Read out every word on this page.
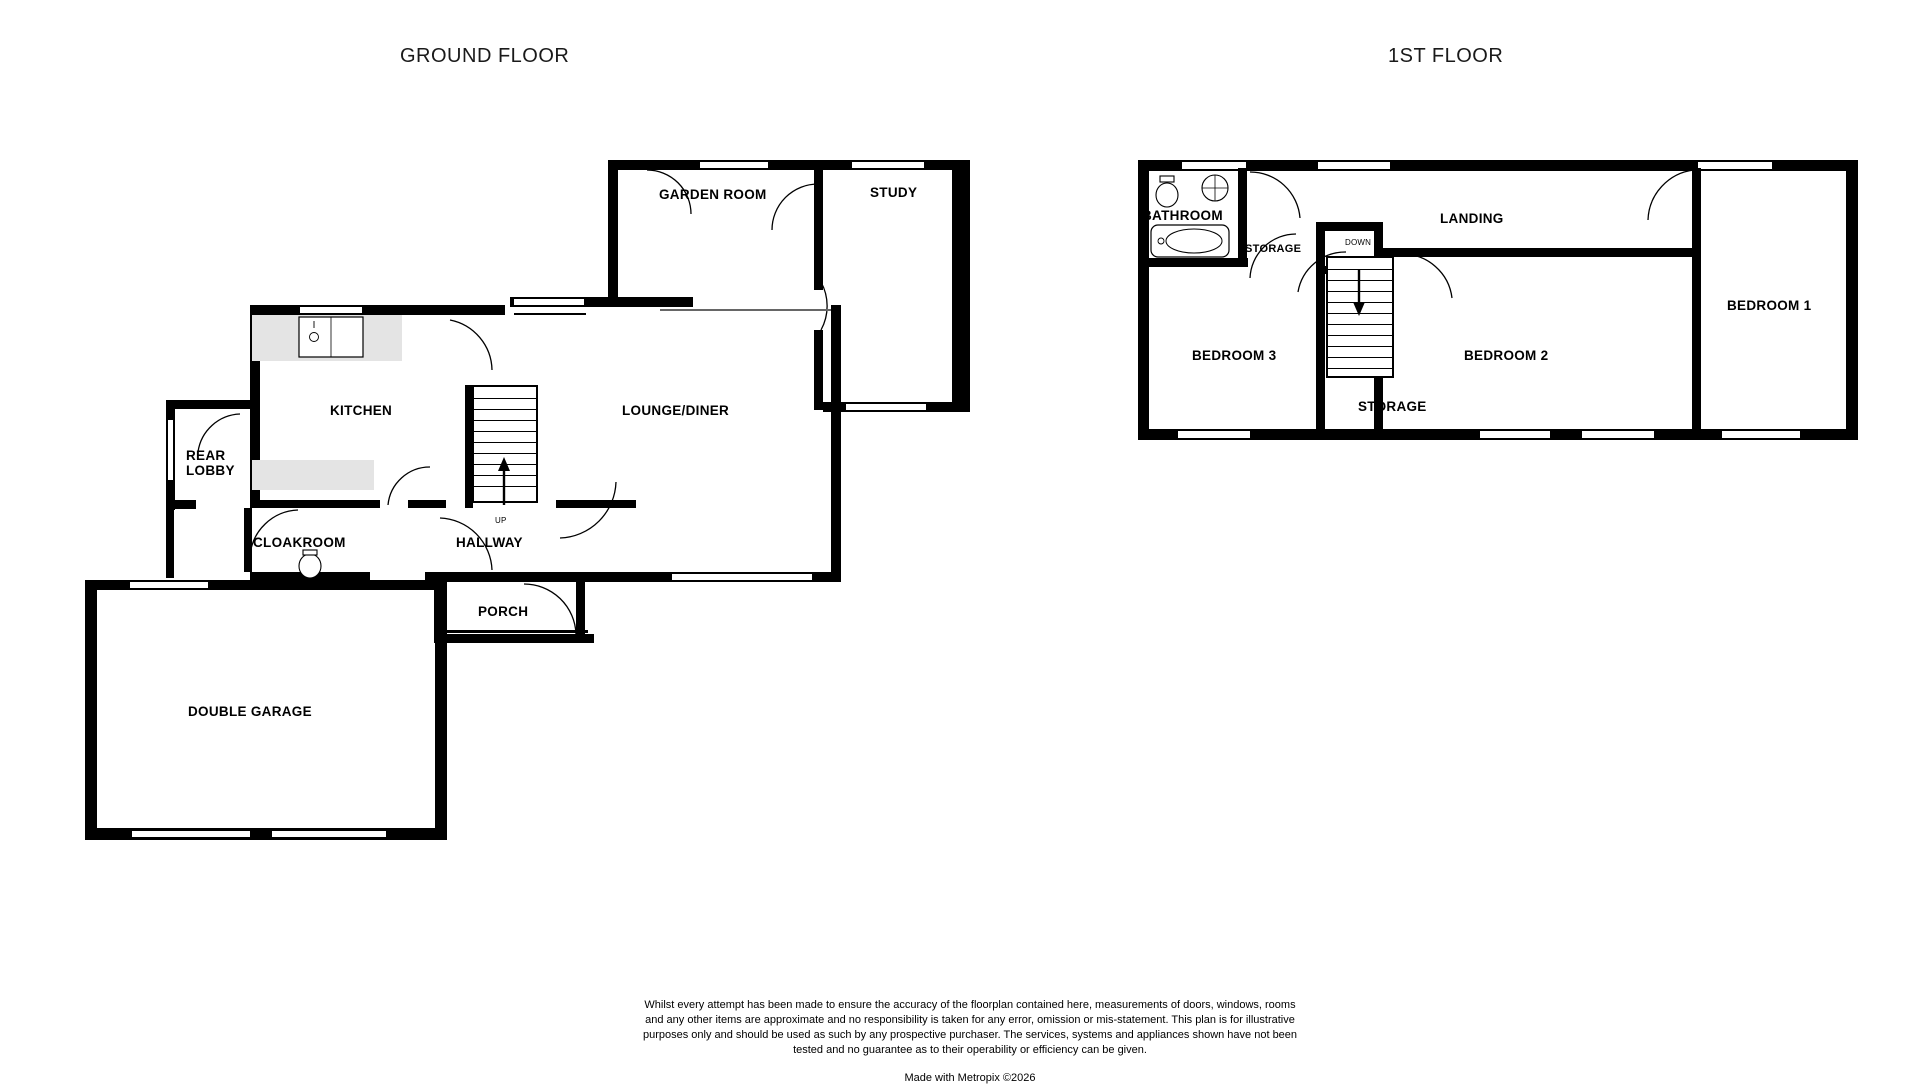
GROUND FLOOR	1ST FLOOR
UP
GARDEN ROOM	STUDY
KITCHEN	LOUNGE/DINER
REAR
LOBBY
CLOAKROOM	HALLWAY
PORCH
DOUBLE GARAGE
DOWN
BATHROOM
STORAGE
LANDING
BEDROOM 1
BEDROOM 2
BEDROOM 3
STORAGE
Whilst every attempt has been made to ensure the accuracy of the floorplan contained here, measurements of doors, windows, rooms and any other items are approximate and no responsibility is taken for any error, omission or mis-statement. This plan is for illustrative purposes only and should be used as such by any prospective purchaser. The services, systems and appliances shown have not been tested and no guarantee as to their operability or efficiency can be given.
Made with Metropix ©2026
